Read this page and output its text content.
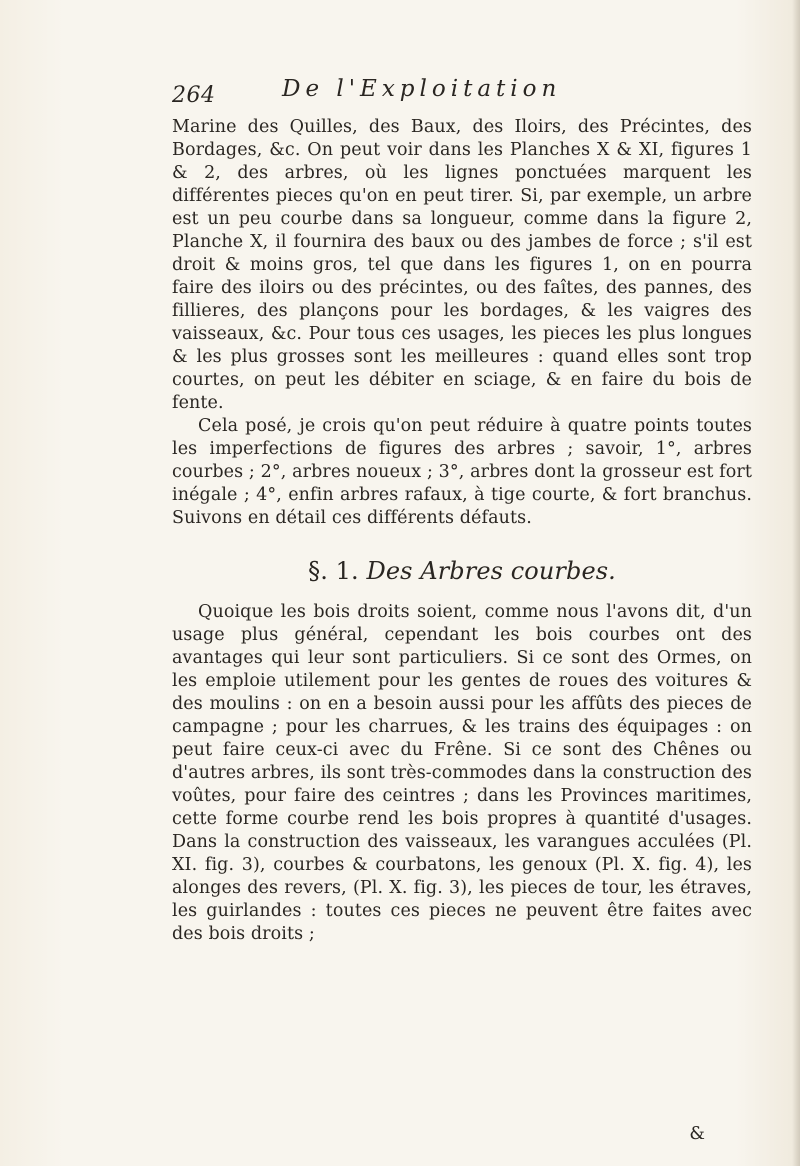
264	De l'Exploitation

Marine des Quilles, des Baux, des Iloirs, des Précintes, des Bordages, &c. On peut voir dans les Planches X & XI, figures 1 & 2, des arbres, où les lignes ponctuées marquent les différentes pieces qu'on en peut tirer. Si, par exemple, un arbre est un peu courbe dans sa longueur, comme dans la figure 2, Planche X, il fournira des baux ou des jambes de force ; s'il est droit & moins gros, tel que dans les figures 1, on en pourra faire des iloirs ou des précintes, ou des faîtes, des pannes, des fillieres, des plançons pour les bordages, & les vaigres des vaisseaux, &c. Pour tous ces usages, les pieces les plus longues & les plus grosses sont les meilleures : quand elles sont trop courtes, on peut les débiter en sciage, & en faire du bois de fente.

Cela posé, je crois qu'on peut réduire à quatre points toutes les imperfections de figures des arbres ; savoir, 1°, arbres courbes ; 2°, arbres noueux ; 3°, arbres dont la grosseur est fort inégale ; 4°, enfin arbres rafaux, à tige courte, & fort branchus. Suivons en détail ces différents défauts.

§. 1. Des Arbres courbes.

Quoique les bois droits soient, comme nous l'avons dit, d'un usage plus général, cependant les bois courbes ont des avantages qui leur sont particuliers. Si ce sont des Ormes, on les emploie utilement pour les gentes de roues des voitures & des moulins : on en a besoin aussi pour les affûts des pieces de campagne ; pour les charrues, & les trains des équipages : on peut faire ceux-ci avec du Frêne. Si ce sont des Chênes ou d'autres arbres, ils sont très-commodes dans la construction des voûtes, pour faire des ceintres ; dans les Provinces maritimes, cette forme courbe rend les bois propres à quantité d'usages. Dans la construction des vaisseaux, les varangues acculées (Pl. XI. fig. 3), courbes & courbatons, les genoux (Pl. X. fig. 4), les alonges des revers, (Pl. X. fig. 3), les pieces de tour, les étraves, les guirlandes : toutes ces pieces ne peuvent être faites avec des bois droits ;

&
